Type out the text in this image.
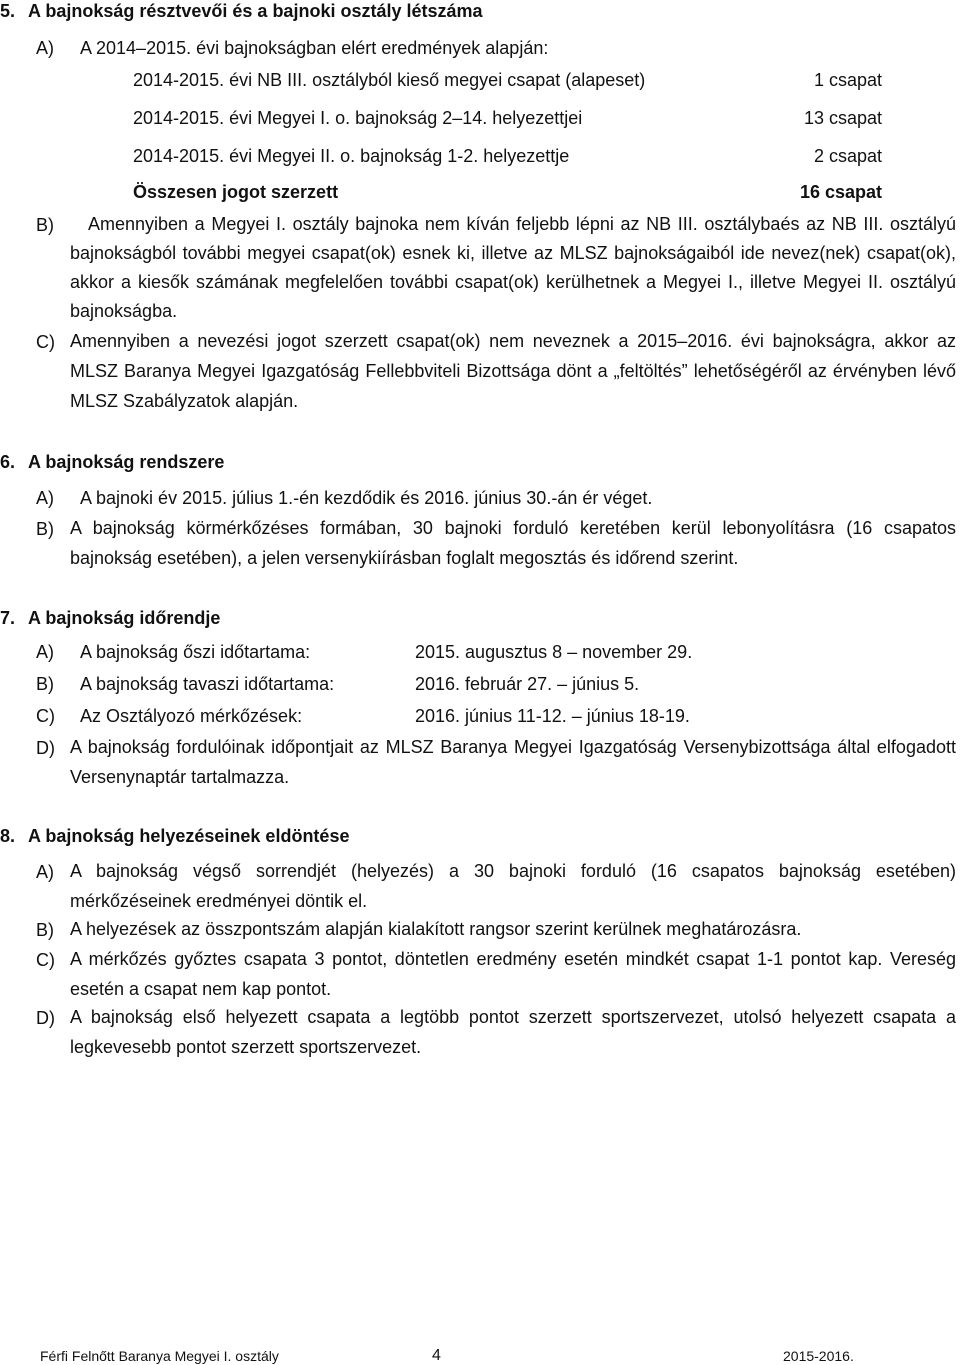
5. A bajnokság résztvevői és a bajnoki osztály létszáma
A) A 2014–2015. évi bajnokságban elért eredmények alapján:
2014-2015. évi NB III. osztályból kieső megyei csapat (alapeset)	1 csapat
2014-2015. évi Megyei I. o. bajnokság 2–14. helyezettjei	13 csapat
2014-2015. évi Megyei II. o. bajnokság 1-2. helyezettje	2 csapat
Összesen jogot szerzett	16 csapat
B)	Amennyiben a Megyei I. osztály bajnoka nem kíván feljebb lépni az NB III. osztálybaés az NB III. osztályú bajnokságból további megyei csapat(ok) esnek ki, illetve az MLSZ bajnokságaiból ide nevez(nek) csapat(ok), akkor a kiesők számának megfelelően további csapat(ok) kerülhetnek a Megyei I., illetve Megyei II. osztályú bajnokságba.
C) Amennyiben a nevezési jogot szerzett csapat(ok) nem neveznek a 2015–2016. évi bajnokságra, akkor az MLSZ Baranya Megyei Igazgatóság Fellebbviteli Bizottsága dönt a „feltöltés” lehetőségéről az érvényben lévő MLSZ Szabályzatok alapján.
6. A bajnokság rendszere
A) A bajnoki év 2015. július 1.-én kezdődik és 2016. június 30.-án ér véget.
B) A bajnokság körmérkőzéses formában, 30 bajnoki forduló keretében kerül lebonyolításra (16 csapatos bajnokság esetében), a jelen versenykiírásban foglalt megosztás és időrend szerint.
7. A bajnokság időrendje
A) A bajnokság őszi időtartama:	2015. augusztus 8 – november 29.
B) A bajnokság tavaszi időtartama:	2016. február 27. – június 5.
C) Az Osztályozó mérkőzések:	2016. június 11-12. – június 18-19.
D) A bajnokság fordulóinak időpontjait az MLSZ Baranya Megyei Igazgatóság Versenybizottsága által elfogadott Versenynaptár tartalmazza.
8. A bajnokság helyezéseinek eldöntése
A) A bajnokság végső sorrendjét (helyezés) a 30 bajnoki forduló (16 csapatos bajnokság esetében) mérkőzéseinek eredményei döntik el.
B) A helyezések az összpontszám alapján kialakított rangsor szerint kerülnek meghatározásra.
C) A mérkőzés győztes csapata 3 pontot, döntetlen eredmény esetén mindkét csapat 1-1 pontot kap. Vereség esetén a csapat nem kap pontot.
D) A bajnokság első helyezett csapata a legtöbb pontot szerzett sportszervezet, utolsó helyezett csapata a legkevesebb pontot szerzett sportszervezet.
Férfi Felnőtt Baranya Megyei I. osztály	4	2015-2016.
